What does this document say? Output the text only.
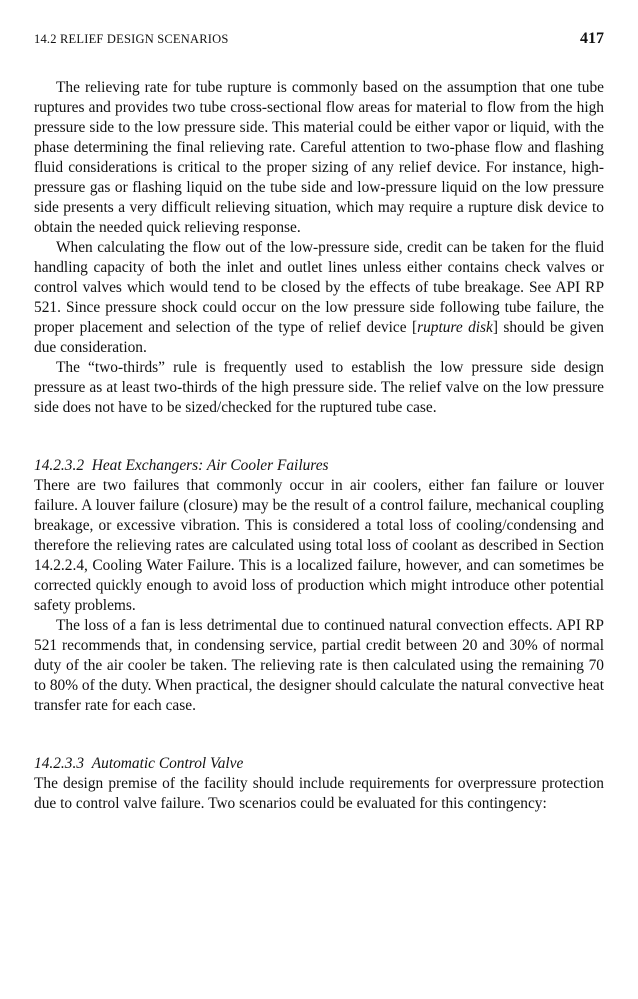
14.2 RELIEF DESIGN SCENARIOS	417

The relieving rate for tube rupture is commonly based on the assumption that one tube ruptures and provides two tube cross-sectional flow areas for material to flow from the high pressure side to the low pressure side. This material could be either vapor or liquid, with the phase determining the final relieving rate. Careful attention to two-phase flow and flashing fluid considerations is critical to the proper sizing of any relief device. For instance, high-pressure gas or flashing liquid on the tube side and low-pressure liquid on the low pressure side presents a very difficult relieving situation, which may require a rupture disk device to obtain the needed quick relieving response.

When calculating the flow out of the low-pressure side, credit can be taken for the fluid handling capacity of both the inlet and outlet lines unless either contains check valves or control valves which would tend to be closed by the effects of tube breakage. See API RP 521. Since pressure shock could occur on the low pressure side following tube failure, the proper placement and selection of the type of relief device [rupture disk] should be given due consideration.

The “two-thirds” rule is frequently used to establish the low pressure side design pressure as at least two-thirds of the high pressure side. The relief valve on the low pressure side does not have to be sized/checked for the ruptured tube case.

14.2.3.2 Heat Exchangers: Air Cooler Failures

There are two failures that commonly occur in air coolers, either fan failure or louver failure. A louver failure (closure) may be the result of a control failure, mechanical coupling breakage, or excessive vibration. This is considered a total loss of cooling/condensing and therefore the relieving rates are calculated using total loss of coolant as described in Section 14.2.2.4, Cooling Water Failure. This is a localized failure, however, and can sometimes be corrected quickly enough to avoid loss of production which might introduce other potential safety problems.

The loss of a fan is less detrimental due to continued natural convection effects. API RP 521 recommends that, in condensing service, partial credit between 20 and 30% of normal duty of the air cooler be taken. The relieving rate is then calculated using the remaining 70 to 80% of the duty. When practical, the designer should calculate the natural convective heat transfer rate for each case.

14.2.3.3 Automatic Control Valve

The design premise of the facility should include requirements for overpressure protection due to control valve failure. Two scenarios could be evaluated for this contingency:
